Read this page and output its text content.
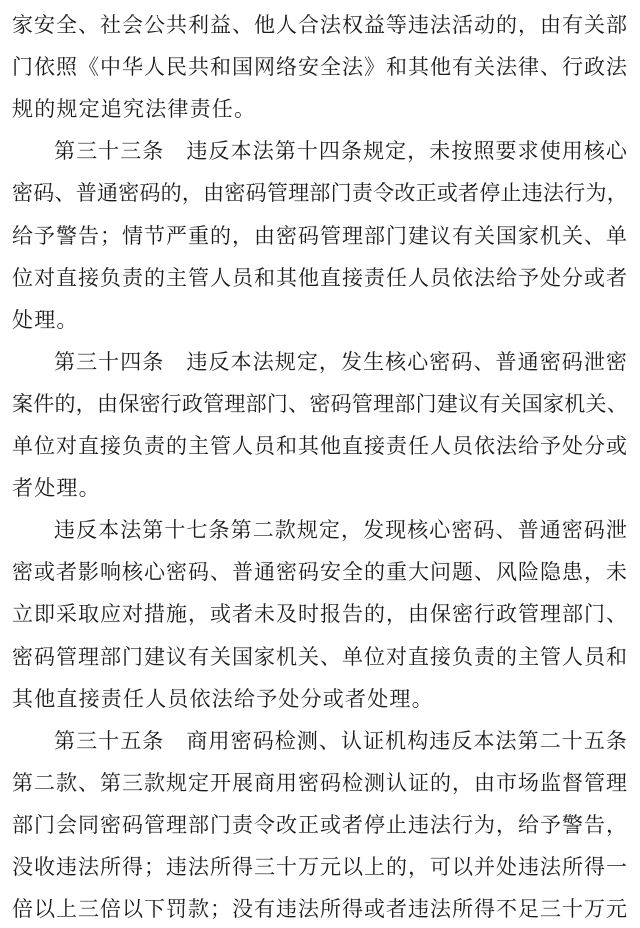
家安全、社会公共利益、他人合法权益等违法活动的，由有关部
门依照《中华人民共和国网络安全法》和其他有关法律、行政法
规的规定追究法律责任。
第三十三条　违反本法第十四条规定，未按照要求使用核心
密码、普通密码的，由密码管理部门责令改正或者停止违法行为，
给予警告；情节严重的，由密码管理部门建议有关国家机关、单
位对直接负责的主管人员和其他直接责任人员依法给予处分或者
处理。
第三十四条　违反本法规定，发生核心密码、普通密码泄密
案件的，由保密行政管理部门、密码管理部门建议有关国家机关、
单位对直接负责的主管人员和其他直接责任人员依法给予处分或
者处理。
违反本法第十七条第二款规定，发现核心密码、普通密码泄
密或者影响核心密码、普通密码安全的重大问题、风险隐患，未
立即采取应对措施，或者未及时报告的，由保密行政管理部门、
密码管理部门建议有关国家机关、单位对直接负责的主管人员和
其他直接责任人员依法给予处分或者处理。
第三十五条　商用密码检测、认证机构违反本法第二十五条
第二款、第三款规定开展商用密码检测认证的，由市场监督管理
部门会同密码管理部门责令改正或者停止违法行为，给予警告，
没收违法所得；违法所得三十万元以上的，可以并处违法所得一
倍以上三倍以下罚款；没有违法所得或者违法所得不足三十万元
